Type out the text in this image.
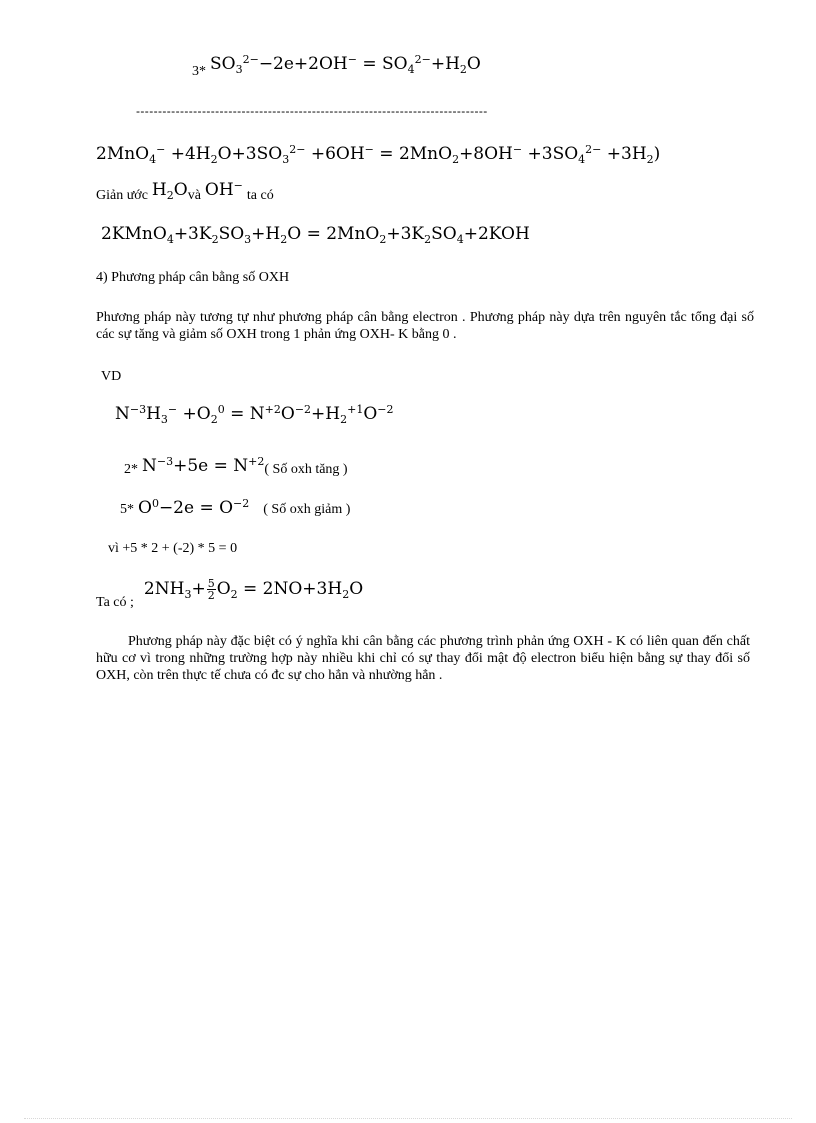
3* $SO_3^{2-}-2e+2OH^- = SO_4^{2-}+H_2O$
--------------------------------------------------------------------------------
$2MnO_4^- +4H_2O+3SO_3^{2-} +6OH^- = 2MnO_2+8OH^- +3SO_4^{2-} +3H_2$)
Giản ước $H_2Ovà$ OH− ta có
$2KMnO_4+3K_2SO_3+H_2O = 2MnO_2+3K_2SO_4+2KOH$
4) Phương pháp cân bằng số OXH
Phương pháp này tương tự như phương pháp cân bằng electron . Phương pháp này dựa trên nguyên tắc tổng đại số các sự tăng và giảm số OXH trong 1 phản ứng OXH- K bằng 0 .
VD
$N^{-3}H_3^- +O_2^0 = N^{+2}O^{-2}+H_2^{+1}O^{-2}$
2* $N^{-3}+5e = N^{+2}$( Số oxh tăng )
5* $O^0-2e = O^{-2}$ ( Số oxh giảm )
vì +5 * 2 + (-2) * 5 = 0
Ta có ; $2NH_3+ \frac{5}{2} O_2 = 2NO+3H_2O$
Phương pháp này đặc biệt có ý nghĩa khi cân bằng các phương trình phản ứng OXH - K có liên quan đến chất hữu cơ vì trong những trường hợp này nhiều khi chỉ có sự thay đổi mật độ electron biểu hiện bằng sự thay đổi số OXH, còn trên thực tế chưa có đc sự cho hẳn và nhường hẳn .
